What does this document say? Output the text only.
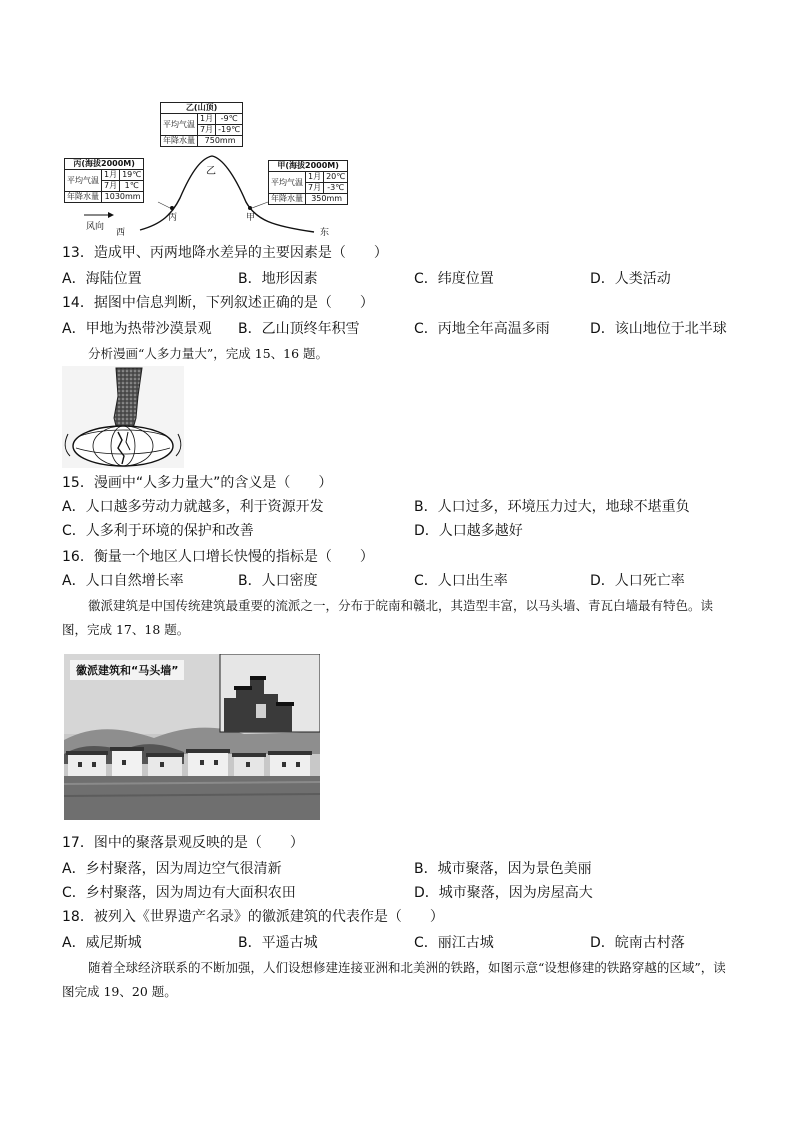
乙(山顶)		
平均气温	1月	-9℃
	7月	-19℃
年降水量	750mm	
丙(海拔2000M)		
平均气温	1月	19℃
	7月	1℃
年降水量	1030mm	
甲(海拔2000M)		
平均气温	1月	20℃
	7月	-3℃
年降水量	350mm	
乙
丙	甲
风向
西	东
13．造成甲、丙两地降水差异的主要因素是（　　）
A．海陆位置	B．地形因素	C．纬度位置	D．人类活动
14．据图中信息判断，下列叙述正确的是（　　）
A．甲地为热带沙漠景观 B．乙山顶终年积雪	C．丙地全年高温多雨	D．该山地位于北半球
分析漫画“人多力量大”，完成 15、16 题。
15．漫画中“人多力量大”的含义是（　　）
A．人口越多劳动力就越多，利于资源开发	B．人口过多，环境压力过大，地球不堪重负
C．人多利于环境的保护和改善	D．人口越多越好
16．衡量一个地区人口增长快慢的指标是（　　）
A．人口自然增长率	B．人口密度	C．人口出生率	D．人口死亡率
徽派建筑是中国传统建筑最重要的流派之一，分布于皖南和赣北，其造型丰富，以马头墙、青瓦白墙最有特色。读图，完成 17、18 题。
徽派建筑和“马头墙”
17．图中的聚落景观反映的是（　　）
A．乡村聚落，因为周边空气很清新	B．城市聚落，因为景色美丽
C．乡村聚落，因为周边有大面积农田	D．城市聚落，因为房屋高大
18．被列入《世界遗产名录》的徽派建筑的代表作是（　　）
A．威尼斯城	B．平遥古城	C．丽江古城	D．皖南古村落
随着全球经济联系的不断加强，人们设想修建连接亚洲和北美洲的铁路，如图示意“设想修建的铁路穿越的区域”，读图完成 19、20 题。
